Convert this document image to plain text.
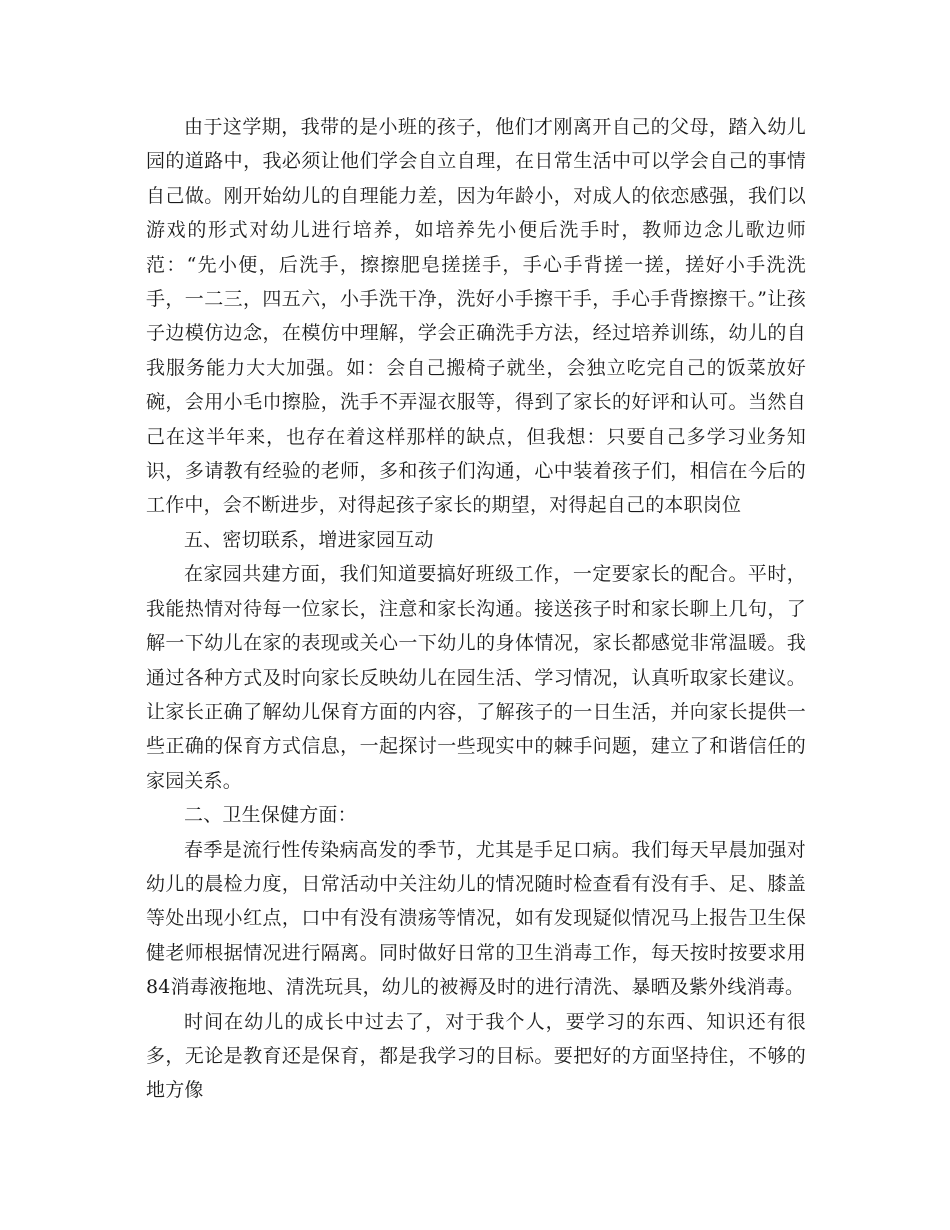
由于这学期，我带的是小班的孩子，他们才刚离开自己的父母，踏入幼儿园的道路中，我必须让他们学会自立自理，在日常生活中可以学会自己的事情自己做。刚开始幼儿的自理能力差，因为年龄小，对成人的依恋感强，我们以游戏的形式对幼儿进行培养，如培养先小便后洗手时，教师边念儿歌边师范：“先小便，后洗手，擦擦肥皂搓搓手，手心手背搓一搓，搓好小手洗洗手，一二三，四五六，小手洗干净，洗好小手擦干手，手心手背擦擦干。”让孩子边模仿边念，在模仿中理解，学会正确洗手方法，经过培养训练，幼儿的自我服务能力大大加强。如：会自己搬椅子就坐，会独立吃完自己的饭菜放好碗，会用小毛巾擦脸，洗手不弄湿衣服等，得到了家长的好评和认可。当然自己在这半年来，也存在着这样那样的缺点，但我想：只要自己多学习业务知识，多请教有经验的老师，多和孩子们沟通，心中装着孩子们，相信在今后的工作中，会不断进步，对得起孩子家长的期望，对得起自己的本职岗位

五、密切联系，增进家园互动

在家园共建方面，我们知道要搞好班级工作，一定要家长的配合。平时，我能热情对待每一位家长，注意和家长沟通。接送孩子时和家长聊上几句，了解一下幼儿在家的表现或关心一下幼儿的身体情况，家长都感觉非常温暖。我通过各种方式及时向家长反映幼儿在园生活、学习情况，认真听取家长建议。让家长正确了解幼儿保育方面的内容，了解孩子的一日生活，并向家长提供一些正确的保育方式信息，一起探讨一些现实中的棘手问题，建立了和谐信任的家园关系。

二、卫生保健方面：

春季是流行性传染病高发的季节，尤其是手足口病。我们每天早晨加强对幼儿的晨检力度，日常活动中关注幼儿的情况随时检查看有没有手、足、膝盖等处出现小红点，口中有没有溃疡等情况，如有发现疑似情况马上报告卫生保健老师根据情况进行隔离。同时做好日常的卫生消毒工作，每天按时按要求用84消毒液拖地、清洗玩具，幼儿的被褥及时的进行清洗、暴晒及紫外线消毒。

时间在幼儿的成长中过去了，对于我个人，要学习的东西、知识还有很多，无论是教育还是保育，都是我学习的目标。要把好的方面坚持住，不够的地方像
